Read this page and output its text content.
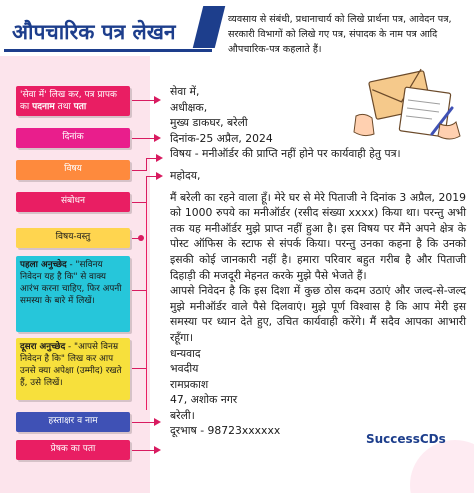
औपचारिक पत्र लेखन
व्यवसाय से संबंधी, प्रधानाचार्य को लिखे प्रार्थना पत्र, आवेदन पत्र, सरकारी विभागों को लिखे गए पत्र, संपादक के नाम पत्र आदि औपचारिक-पत्र कहलाते हैं।
'सेवा में' लिख कर, पत्र प्रापक का पदनाम तथा पता
दिनांक
विषय
संबोधन
विषय-वस्तु
पहला अनुच्छेद - "सविनय निवेदन यह है कि" से वाक्य आरंभ करना चाहिए, फिर अपनी समस्या के बारे में लिखें।
दूसरा अनुच्छेद - "आपसे विनम्र निवेदन है कि" लिख कर आप उनसे क्या अपेक्षा (उम्मीद) रखते हैं, उसे लिखें।
हस्ताक्षर व नाम
प्रेषक का पता
सेवा में,
अधीक्षक,
मुख्य डाकघर, बरेली
दिनांक-25 अप्रैल, 2024
विषय - मनीऑर्डर की प्राप्ति नहीं होने पर कार्यवाही हेतु पत्र।
महोदय,
मैं बरेली का रहने वाला हूँ। मेरे घर से मेरे पिताजी ने दिनांक 3 अप्रैल, 2019 को 1000 रुपये का मनीऑर्डर (रसीद संख्या xxxx) किया था। परन्तु अभी तक यह मनीऑर्डर मुझे प्राप्त नहीं हुआ है। इस विषय पर मैंने अपने क्षेत्र के पोस्ट ऑफिस के स्टाफ से संपर्क किया। परन्तु उनका कहना है कि उनको इसकी कोई जानकारी नहीं है। हमारा परिवार बहुत गरीब है और पिताजी दिहाड़ी की मजदूरी मेहनत करके मुझे पैसे भेजते हैं।
आपसे निवेदन है कि इस दिशा में कुछ ठोस कदम उठाएं और जल्द-से-जल्द मुझे मनीऑर्डर वाले पैसे दिलवाएं। मुझे पूर्ण विश्वास है कि आप मेरी इस समस्या पर ध्यान देते हुए, उचित कार्यवाही करेंगे। मैं सदैव आपका आभारी रहूँगा।
धन्यवाद
भवदीय
रामप्रकाश
47, अशोक नगर
बरेली।
दूरभाष - 98723xxxxxx
SuccessCDs
